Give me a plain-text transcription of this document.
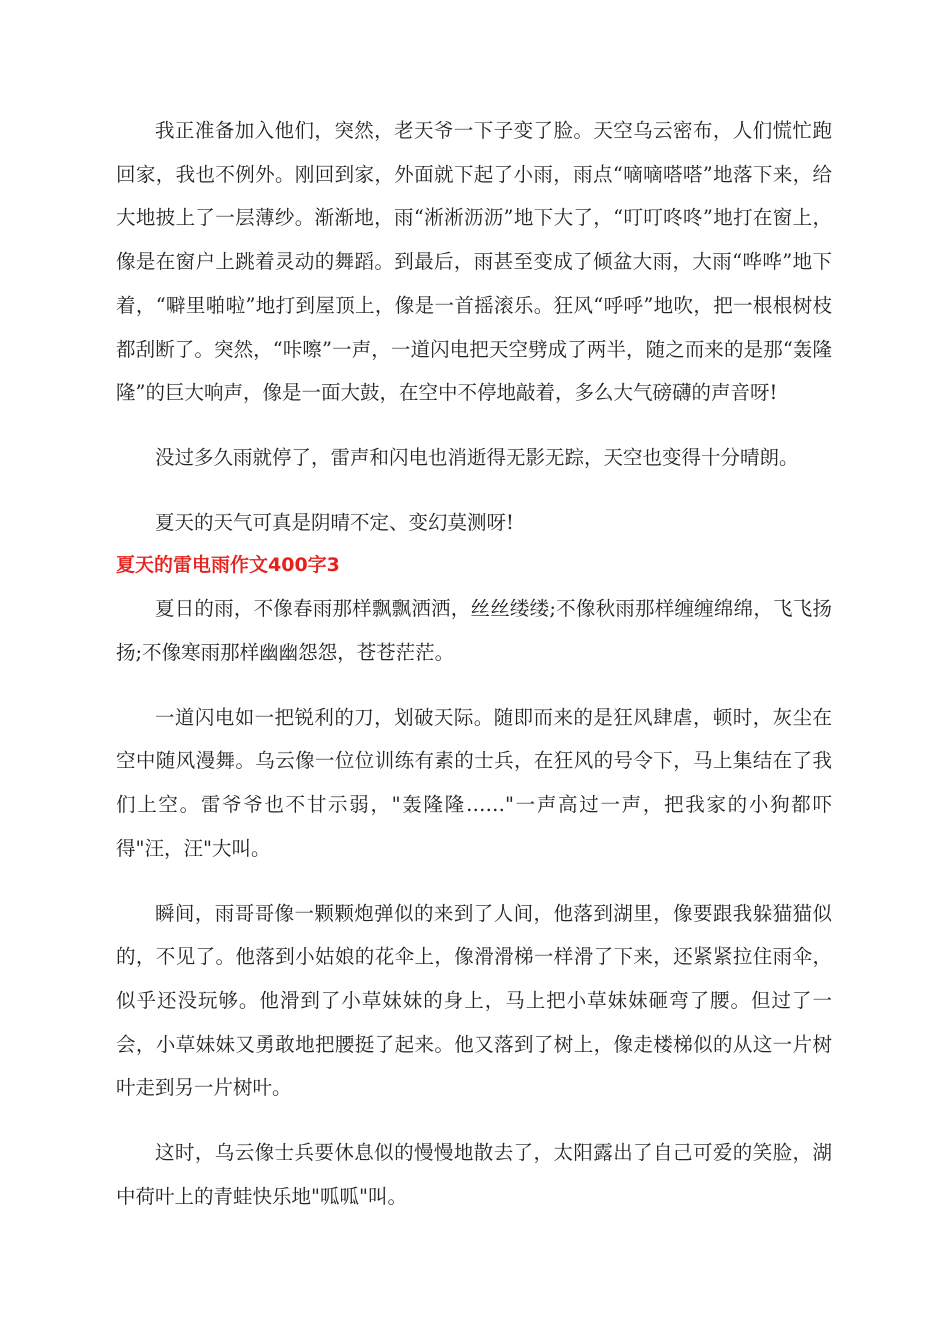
我正准备加入他们，突然，老天爷一下子变了脸。天空乌云密布，人们慌忙跑回家，我也不例外。刚回到家，外面就下起了小雨，雨点“嘀嘀嗒嗒”地落下来，给大地披上了一层薄纱。渐渐地，雨“淅淅沥沥”地下大了，“叮叮咚咚”地打在窗上，像是在窗户上跳着灵动的舞蹈。到最后，雨甚至变成了倾盆大雨，大雨“哗哗”地下着，“噼里啪啦”地打到屋顶上，像是一首摇滚乐。狂风“呼呼”地吹，把一根根树枝都刮断了。突然，“咔嚓”一声，一道闪电把天空劈成了两半，随之而来的是那“轰隆隆”的巨大响声，像是一面大鼓，在空中不停地敲着，多么大气磅礴的声音呀!

没过多久雨就停了，雷声和闪电也消逝得无影无踪，天空也变得十分晴朗。

夏天的天气可真是阴晴不定、变幻莫测呀!

夏天的雷电雨作文400字3

夏日的雨，不像春雨那样飘飘洒洒，丝丝缕缕;不像秋雨那样缠缠绵绵，飞飞扬扬;不像寒雨那样幽幽怨怨，苍苍茫茫。

一道闪电如一把锐利的刀，划破天际。随即而来的是狂风肆虐，顿时，灰尘在空中随风漫舞。乌云像一位位训练有素的士兵，在狂风的号令下，马上集结在了我们上空。雷爷爷也不甘示弱，"轰隆隆……"一声高过一声，把我家的小狗都吓得"汪，汪"大叫。

瞬间，雨哥哥像一颗颗炮弹似的来到了人间，他落到湖里，像要跟我躲猫猫似的，不见了。他落到小姑娘的花伞上，像滑滑梯一样滑了下来，还紧紧拉住雨伞，似乎还没玩够。他滑到了小草妹妹的身上，马上把小草妹妹砸弯了腰。但过了一会，小草妹妹又勇敢地把腰挺了起来。他又落到了树上，像走楼梯似的从这一片树叶走到另一片树叶。

这时，乌云像士兵要休息似的慢慢地散去了，太阳露出了自己可爱的笑脸，湖中荷叶上的青蛙快乐地"呱呱"叫。
